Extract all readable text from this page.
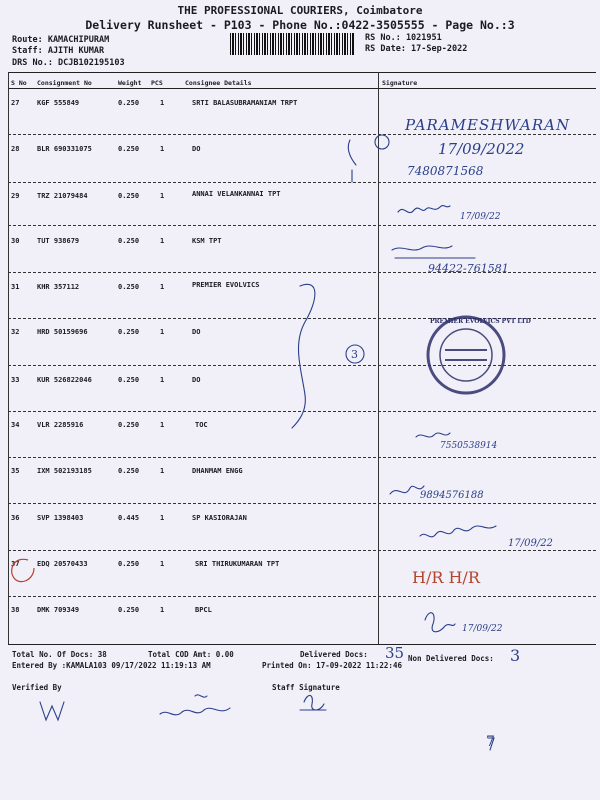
THE PROFESSIONAL COURIERS, Coimbatore
Delivery Runsheet - P103 - Phone No.:0422-3505555 - Page No.:3
Route: KAMACHIPURAM
Staff: AJITH KUMAR
DRS No.: DCJB102195103
RS No.: 1021951
RS Date: 17-Sep-2022
S No Consignment No	Weight PCS	Consignee Details	Signature
27	KGF 555849	0.250	1	SRTI BALASUBRAMANIAM TRPT
28	BLR 690331075	0.250	1	DO
29	TRZ 21079484	0.250	1	ANNAI VELANKANNAI TPT
30	TUT 938679	0.250	1	KSM TPT
31	KHR 357112	0.250	1	PREMIER EVOLVICS
32	HRD 50159696	0.250	1	DO
33	KUR 526822046	0.250	1	DO
34	VLR 2285916	0.250	1	TOC
35	IXM 502193185	0.250	1	DHANMAM ENGG
36	SVP 1398403	0.445	1	SP KASIORAJAN
37	EDQ 20570433	0.250	1	SRI THIRUKUMARAN TPT
38	DMK 709349	0.250	1	BPCL
Total No. Of Docs: 38	Total COD Amt: 0.00	Delivered Docs:	Non Delivered Docs:
Entered By :KAMALA103 09/17/2022 11:19:13 AM	Printed On: 17-09-2022 11:22:46
Verified By	Staff Signature
PARAMESHWARAN
17/09/2022
7480871568
17/09/22
94422-761581
7550538914
9894576188
17/09/22
H/R H/R
17/09/22
35	3
3
7
PREMIER EVOLVICS PVT LTD
